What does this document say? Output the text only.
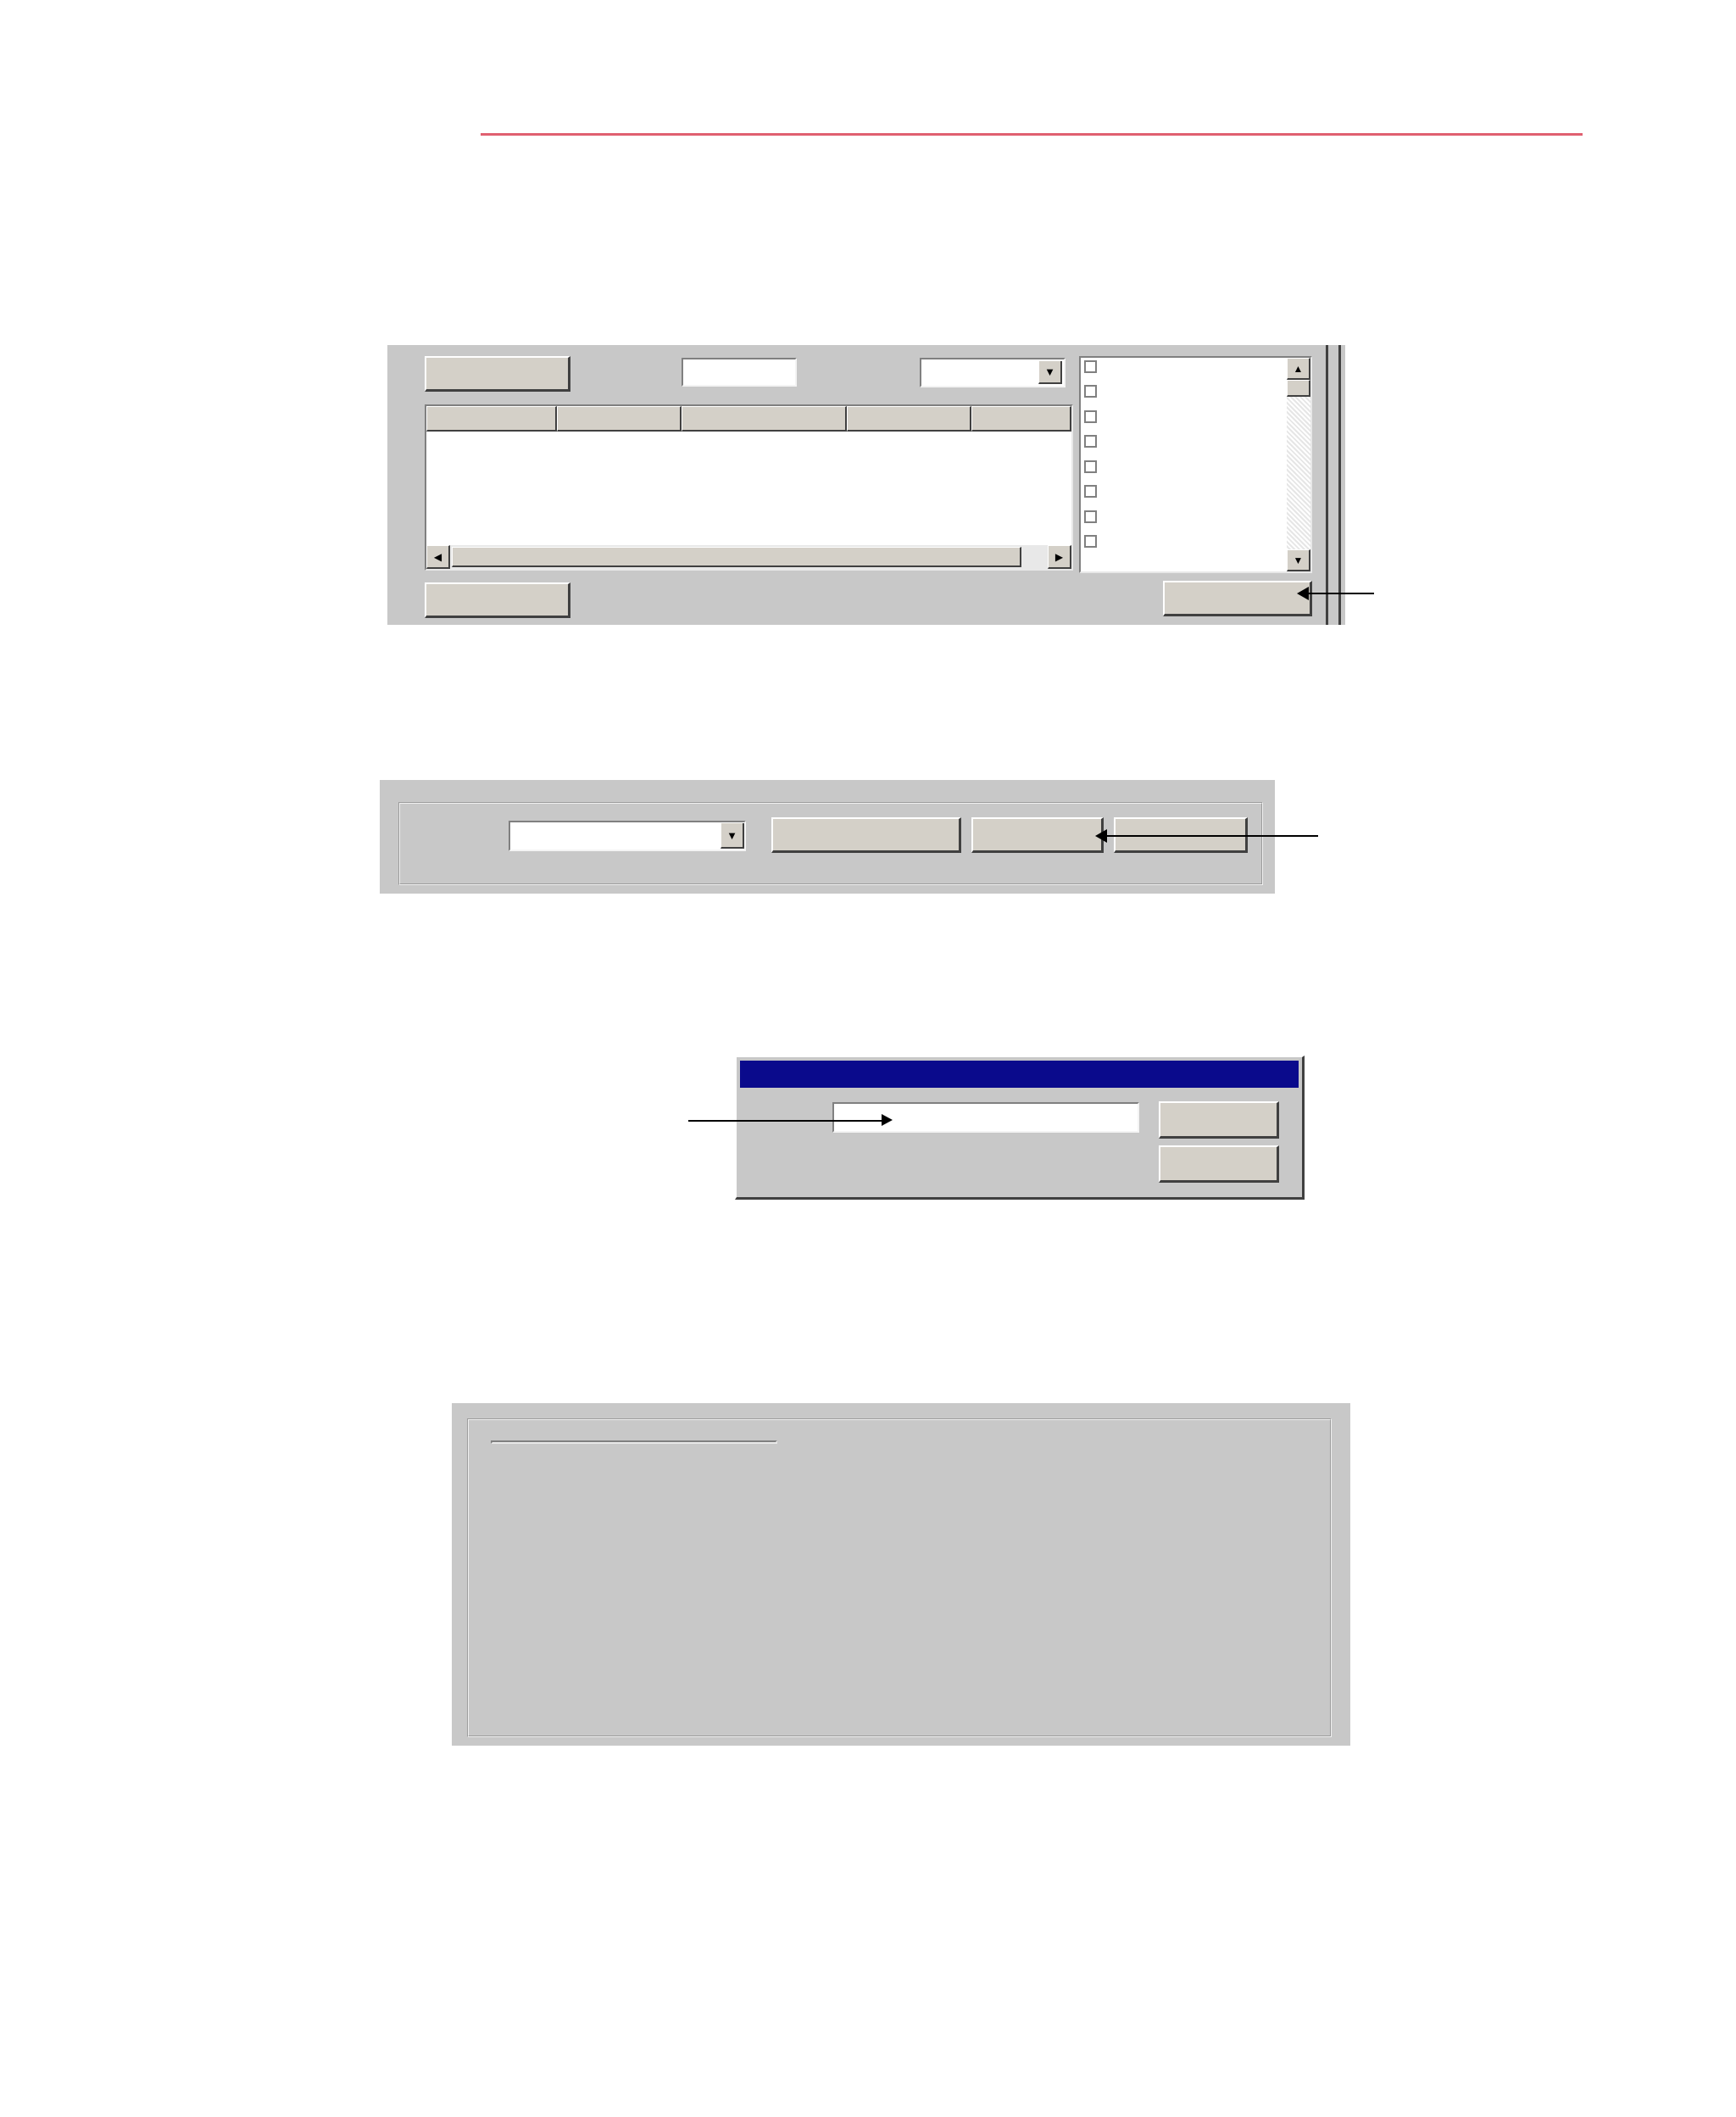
▼
◀	▶
▲
▼
▼
